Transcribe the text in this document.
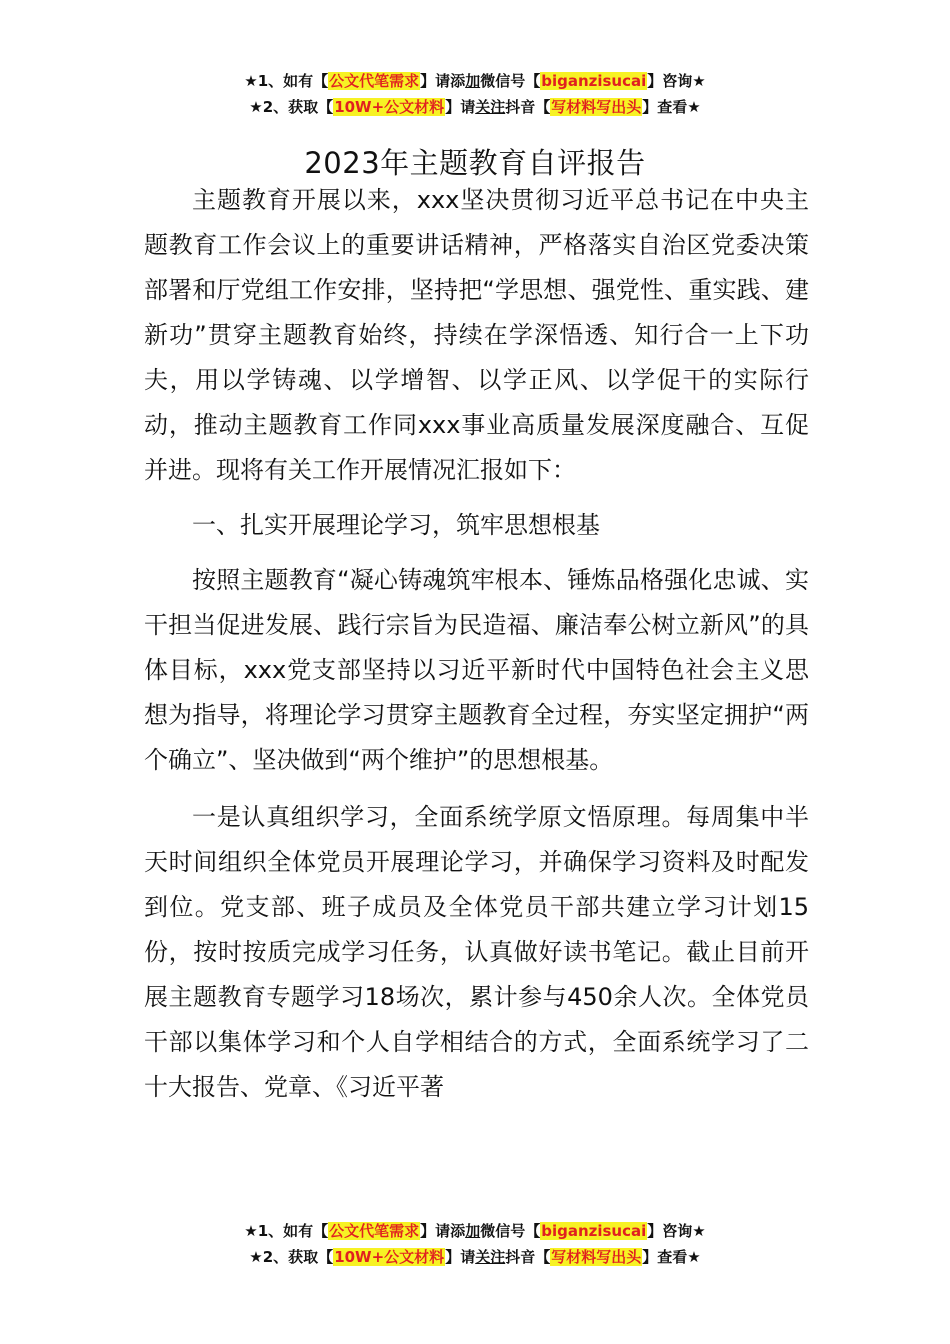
★1、如有【公文代笔需求】请添加微信号【biganzisucai】咨询★
★2、获取【10W+公文材料】请关注抖音【写材料写出头】查看★
2023年主题教育自评报告

主题教育开展以来，xxx坚决贯彻习近平总书记在中央主题教育工作会议上的重要讲话精神，严格落实自治区党委决策部署和厅党组工作安排，坚持把“学思想、强党性、重实践、建新功”贯穿主题教育始终，持续在学深悟透、知行合一上下功夫，用以学铸魂、以学增智、以学正风、以学促干的实际行动，推动主题教育工作同xxx事业高质量发展深度融合、互促并进。现将有关工作开展情况汇报如下：

一、扎实开展理论学习，筑牢思想根基

按照主题教育“凝心铸魂筑牢根本、锤炼品格强化忠诚、实干担当促进发展、践行宗旨为民造福、廉洁奉公树立新风”的具体目标，xxx党支部坚持以习近平新时代中国特色社会主义思想为指导，将理论学习贯穿主题教育全过程，夯实坚定拥护“两个确立”、坚决做到“两个维护”的思想根基。

一是认真组织学习，全面系统学原文悟原理。每周集中半天时间组织全体党员开展理论学习，并确保学习资料及时配发到位。党支部、班子成员及全体党员干部共建立学习计划15份，按时按质完成学习任务，认真做好读书笔记。截止目前开展主题教育专题学习18场次，累计参与450余人次。全体党员干部以集体学习和个人自学相结合的方式，全面系统学习了二十大报告、党章、《习近平著

★1、如有【公文代笔需求】请添加微信号【biganzisucai】咨询★
★2、获取【10W+公文材料】请关注抖音【写材料写出头】查看★
